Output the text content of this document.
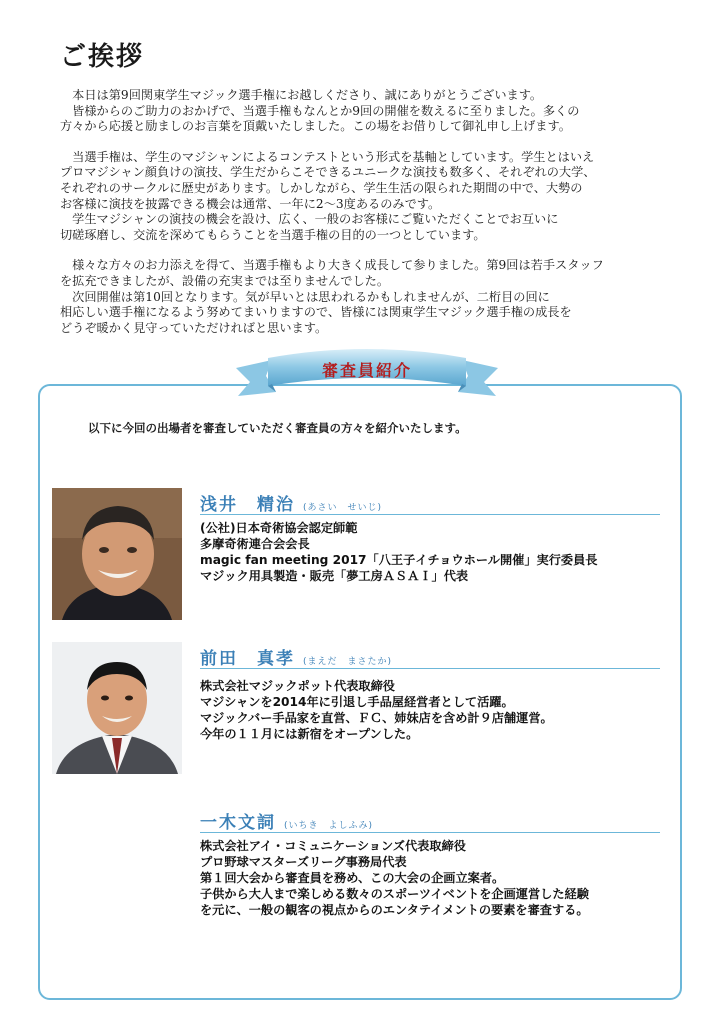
ご挨拶

　本日は第9回関東学生マジック選手権にお越しくださり、誠にありがとうございます。
　皆様からのご助力のおかげで、当選手権もなんとか9回の開催を数えるに至りました。多くの
方々から応援と励ましのお言葉を頂戴いたしました。この場をお借りして御礼申し上げます。

　当選手権は、学生のマジシャンによるコンテストという形式を基軸としています。学生とはいえ
プロマジシャン顔負けの演技、学生だからこそできるユニークな演技も数多く、それぞれの大学、
それぞれのサークルに歴史があります。しかしながら、学生生活の限られた期間の中で、大勢の
お客様に演技を披露できる機会は通常、一年に2～3度あるのみです。
　学生マジシャンの演技の機会を設け、広く、一般のお客様にご覧いただくことでお互いに
切磋琢磨し、交流を深めてもらうことを当選手権の目的の一つとしています。

　様々な方々のお力添えを得て、当選手権もより大きく成長して参りました。第9回は若手スタッフ
を拡充できましたが、設備の充実までは至りませんでした。
　次回開催は第10回となります。気が早いとは思われるかもしれませんが、二桁目の回に
相応しい選手権になるよう努めてまいりますので、皆様には関東学生マジック選手権の成長を
どうぞ暖かく見守っていただければと思います。

審査員紹介

以下に今回の出場者を審査していただく審査員の方々を紹介いたします。

浅井　精治 (あさい　せいじ)
(公社)日本奇術協会認定師範
多摩奇術連合会会長
magic fan meeting 2017「八王子イチョウホール開催」実行委員長
マジック用具製造・販売「夢工房ＡＳＡＩ」代表
前田　真孝 (まえだ　まさたか)
株式会社マジックポット代表取締役
マジシャンを2014年に引退し手品屋経営者として活躍。
マジックバー手品家を直営、ＦＣ、姉妹店を含め計９店舗運営。
今年の１１月には新宿をオープンした。
一木文詞 (いちき　よしふみ)
株式会社アイ・コミュニケーションズ代表取締役
プロ野球マスターズリーグ事務局代表
第１回大会から審査員を務め、この大会の企画立案者。
子供から大人まで楽しめる数々のスポーツイベントを企画運営した経験
を元に、一般の観客の視点からのエンタテイメントの要素を審査する。
